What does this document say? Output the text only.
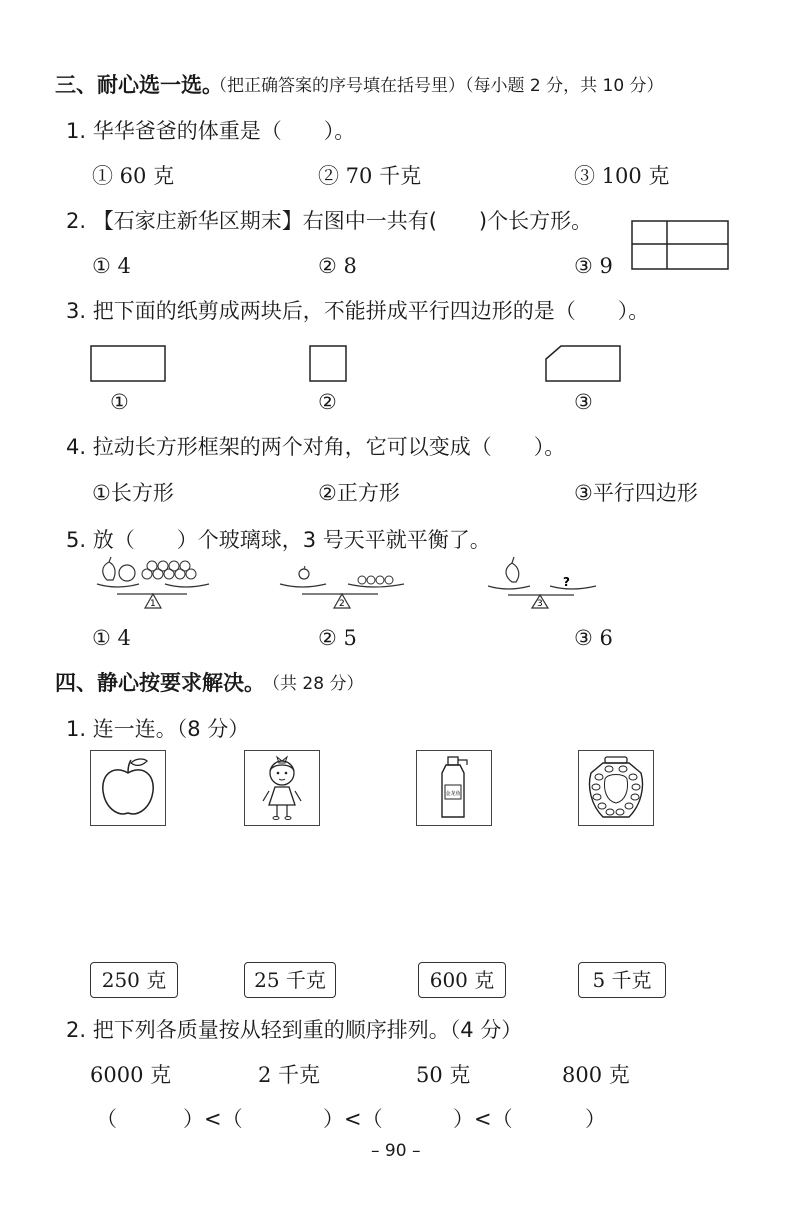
三、耐心选一选。
（把正确答案的序号填在括号里）（每小题 2 分，共 10 分）
1. 华华爸爸的体重是（　　）。
① 60 克	② 70 千克	③ 100 克
2. 【石家庄新华区期末】右图中一共有(　　)个长方形。
① 4	② 8	③ 9
3. 把下面的纸剪成两块后，不能拼成平行四边形的是（　　）。
①	②	③
4. 拉动长方形框架的两个对角，它可以变成（　　）。
①长方形	②正方形	③平行四边形
5. 放（　　）个玻璃球，3 号天平就平衡了。
1	2
?
3
① 4	② 5	③ 6
四、静心按要求解决。
（共 28 分）
1. 连一连。（8 分）
金龙鱼
250 克	25 千克	600 克	5 千克
2. 把下列各质量按从轻到重的顺序排列。（4 分）
6000 克	2 千克	50 克	800 克
（	）<（	）<（	）<（	）
– 90 –
